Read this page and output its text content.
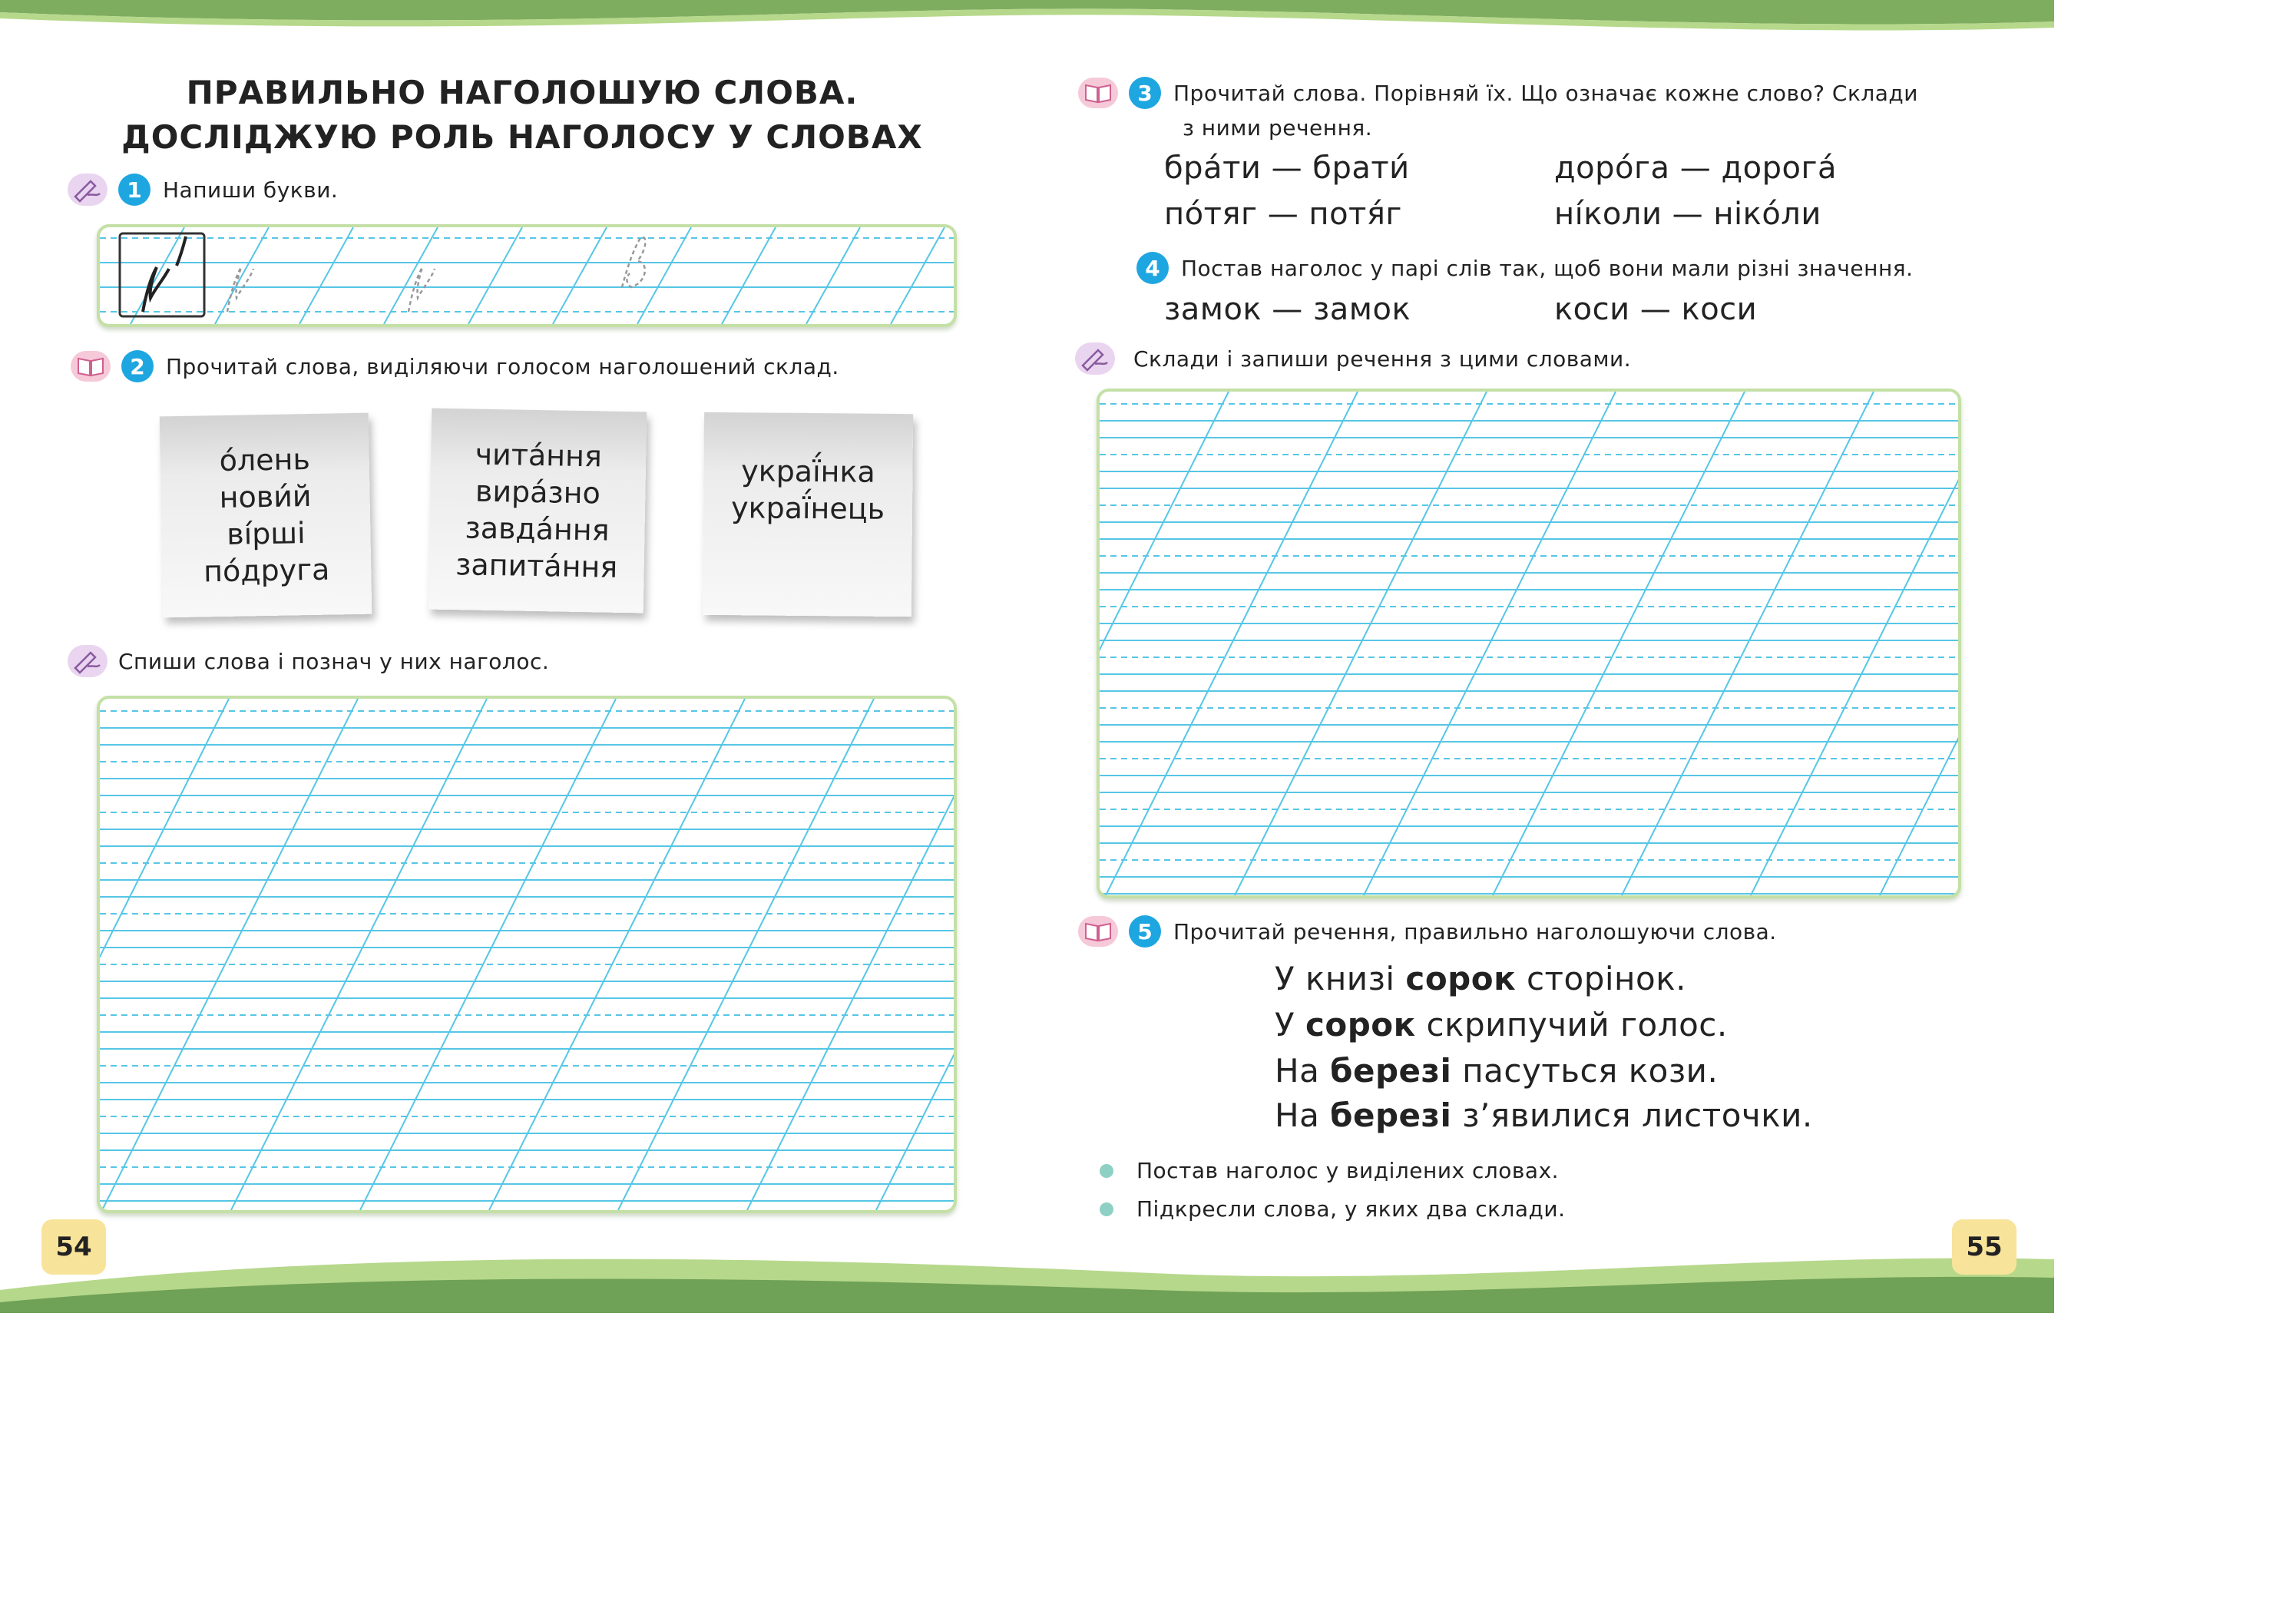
ПРАВИЛЬНО НАГОЛОШУЮ СЛОВА.
ДОСЛІДЖУЮ РОЛЬ НАГОЛОСУ У СЛОВАХ
1 Напиши букви.
2 Прочитай слова, виділяючи голосом наголошений склад.
о́лень
нови́й
ві́рші
по́друга
чита́ння
вира́зно
завда́ння
запита́ння
украї́нка
украї́нець
Спиши слова і познач у них наголос.
3 Прочитай слова. Порівняй їх. Що означає кожне слово? Склади
з ними речення.
бра́ти — брати́	доро́га — дорога́
по́тяг — потя́г	ні́коли — ніко́ли
4 Постав наголос у парі слів так, щоб вони мали різні значення.
замок — замок	коси — коси
Склади і запиши речення з цими словами.
5 Прочитай речення, правильно наголошуючи слова.
У книзі сорок сторінок.
У сорок скрипучий голос.
На березі пасуться кози.
На березі з’явилися листочки.
Постав наголос у виділених словах.
Підкресли слова, у яких два склади.
54	55
